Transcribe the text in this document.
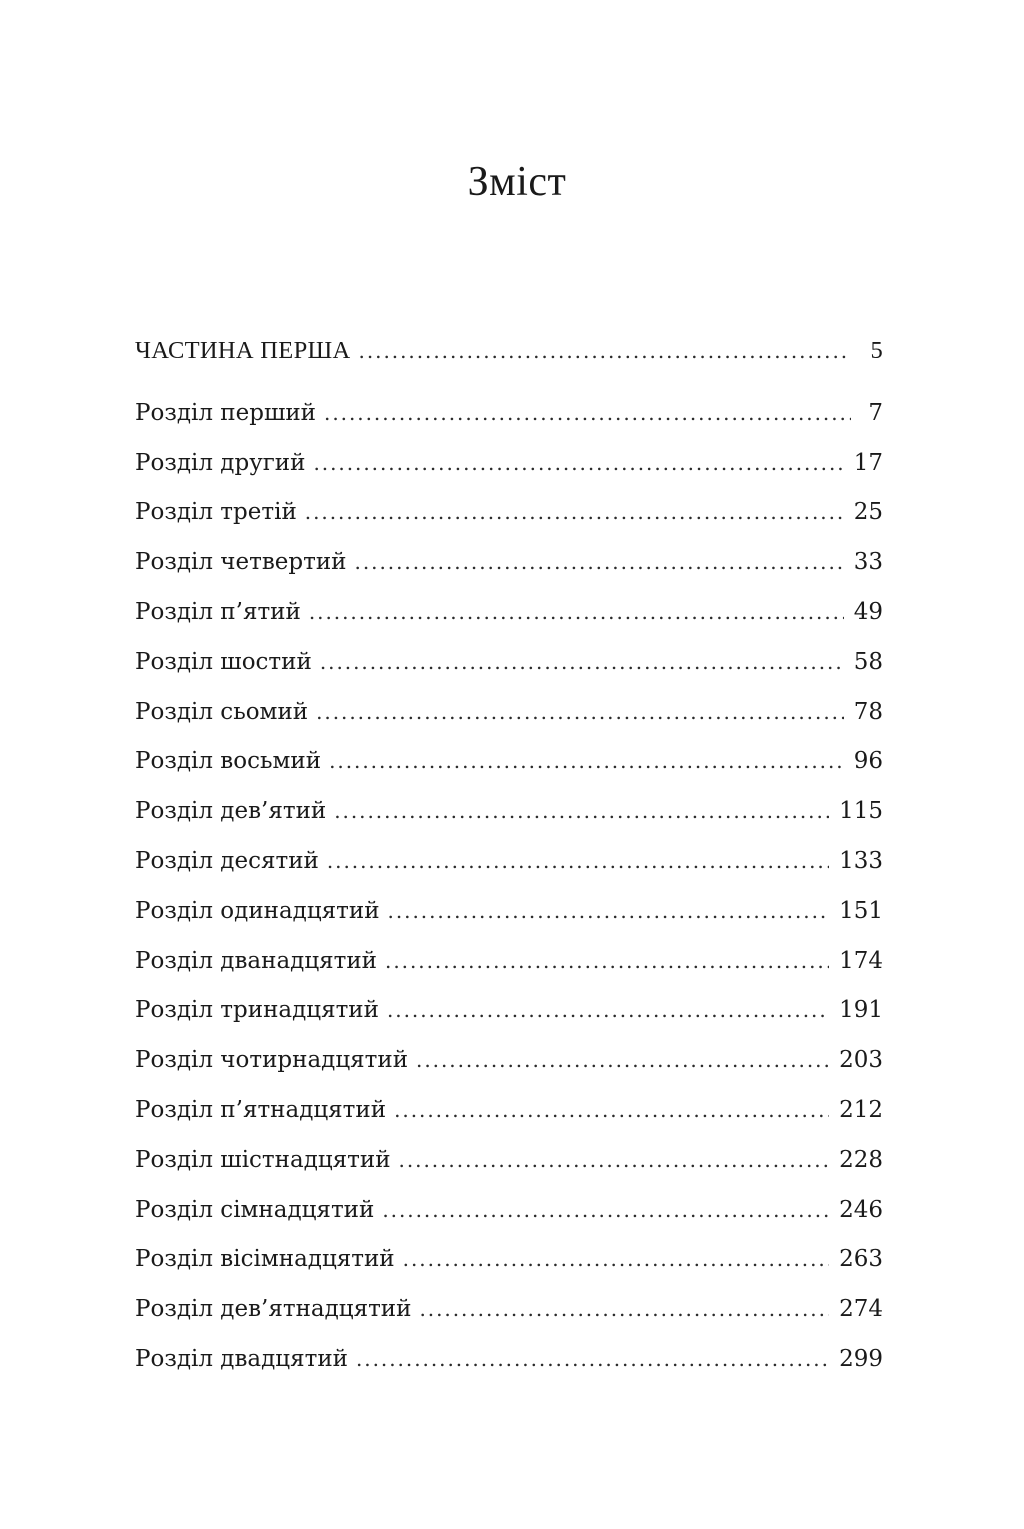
Зміст
ЧАСТИНА ПЕРША . . .	5
Розділ перший . . .	7
Розділ другий . . .	17
Розділ третій . . .	25
Розділ четвертий . . .	33
Розділ п’ятий . . .	49
Розділ шостий . . .	58
Розділ сьомий . . .	78
Розділ восьмий . . .	96
Розділ дев’ятий . . .	115
Розділ десятий . . .	133
Розділ одинадцятий . . .	151
Розділ дванадцятий . . .	174
Розділ тринадцятий . . .	191
Розділ чотирнадцятий . . .	203
Розділ п’ятнадцятий . . .	212
Розділ шістнадцятий . . .	228
Розділ сімнадцятий . . .	246
Розділ вісімнадцятий . . .	263
Розділ дев’ятнадцятий . . .	274
Розділ двадцятий . . .	299
